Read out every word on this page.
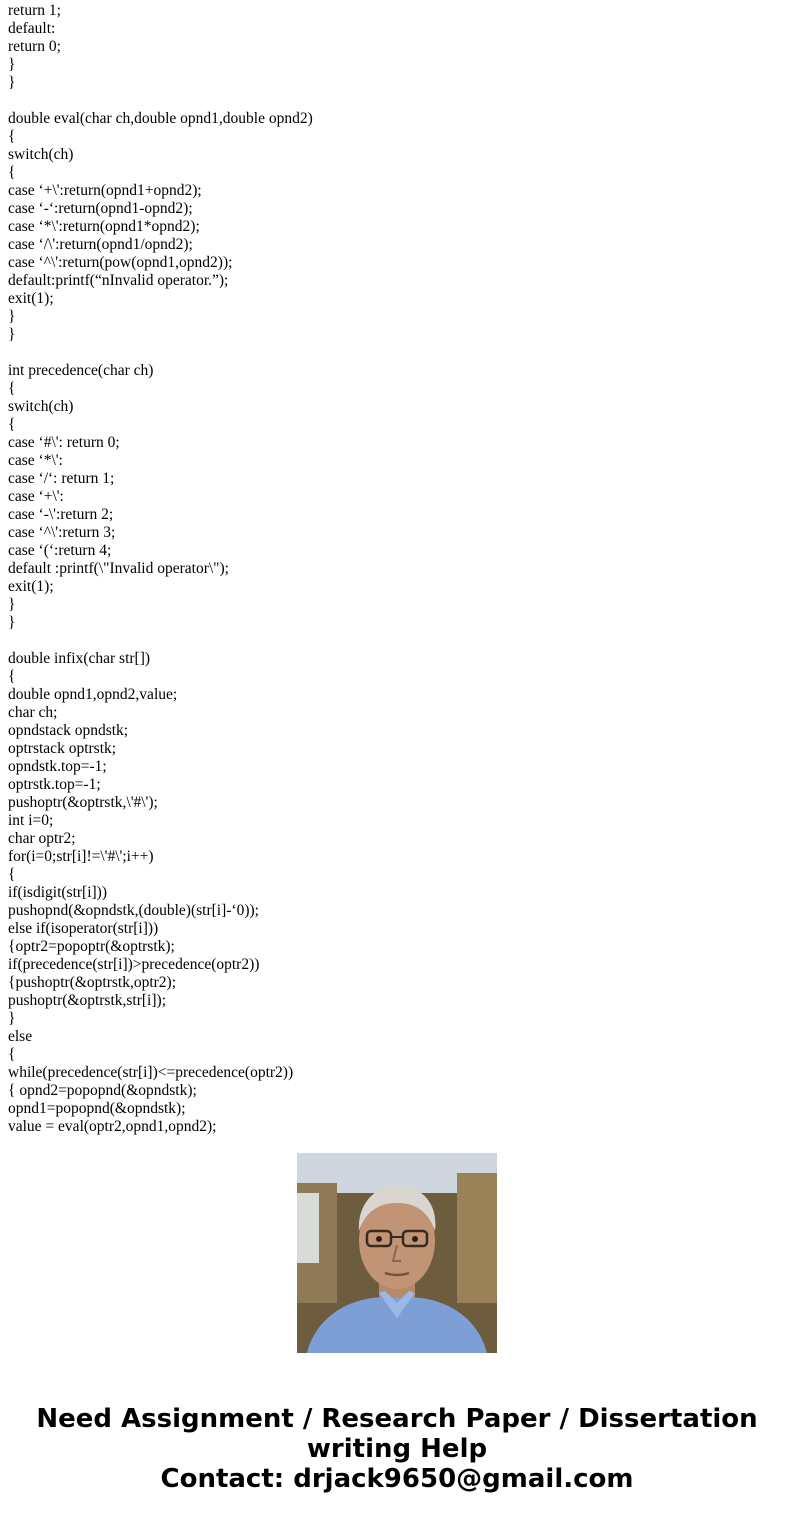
return 1;
default:
return 0;
}
}
double eval(char ch,double opnd1,double opnd2)
{
switch(ch)
{
case ‘+\':return(opnd1+opnd2);
case ‘-‘:return(opnd1-opnd2);
case ‘*\':return(opnd1*opnd2);
case ‘/\':return(opnd1/opnd2);
case ‘^\':return(pow(opnd1,opnd2));
default:printf(“nInvalid operator.”);
exit(1);
}
}
int precedence(char ch)
{
switch(ch)
{
case ‘#\': return 0;
case ‘*\':
case ‘/‘: return 1;
case ‘+\':
case ‘-\':return 2;
case ‘^\':return 3;
case ‘(‘:return 4;
default :printf(\"Invalid operator\");
exit(1);
}
}
double infix(char str[])
{
double opnd1,opnd2,value;
char ch;
opndstack opndstk;
optrstack optrstk;
opndstk.top=-1;
optrstk.top=-1;
pushoptr(&optrstk,\'#\');
int i=0;
char optr2;
for(i=0;str[i]!=\'#\';i++)
{
if(isdigit(str[i]))
pushopnd(&opndstk,(double)(str[i]-‘0));
else if(isoperator(str[i]))
{optr2=popoptr(&optrstk);
if(precedence(str[i])>precedence(optr2))
{pushoptr(&optrstk,optr2);
pushoptr(&optrstk,str[i]);
}
else
{
while(precedence(str[i])<=precedence(optr2))
{ opnd2=popopnd(&opndstk);
opnd1=popopnd(&opndstk);
value = eval(optr2,opnd1,opnd2);
Need Assignment / Research Paper / Dissertation
writing Help
Contact: drjack9650@gmail.com
